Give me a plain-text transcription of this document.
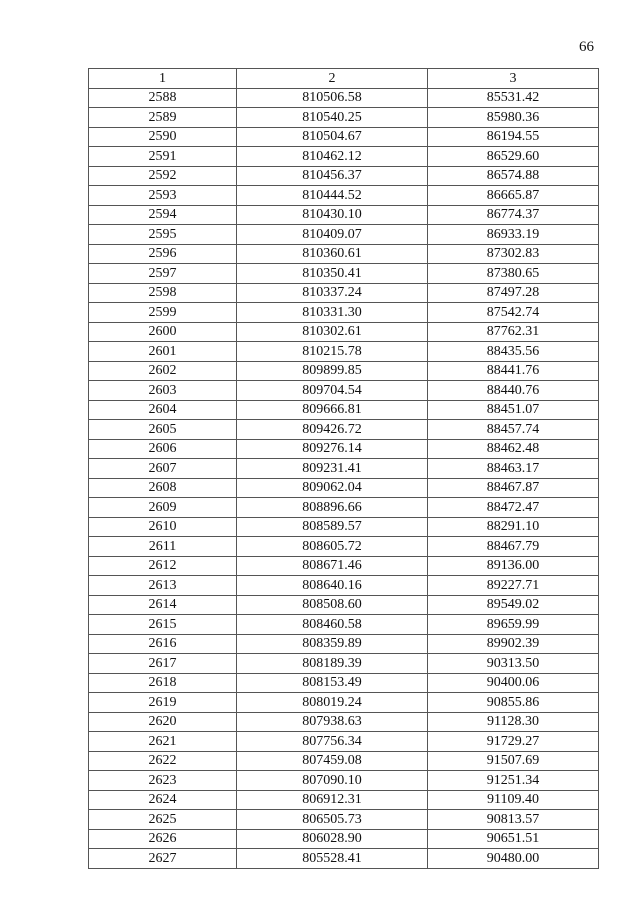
66
1	2	3
2588	810506.58	85531.42
2589	810540.25	85980.36
2590	810504.67	86194.55
2591	810462.12	86529.60
2592	810456.37	86574.88
2593	810444.52	86665.87
2594	810430.10	86774.37
2595	810409.07	86933.19
2596	810360.61	87302.83
2597	810350.41	87380.65
2598	810337.24	87497.28
2599	810331.30	87542.74
2600	810302.61	87762.31
2601	810215.78	88435.56
2602	809899.85	88441.76
2603	809704.54	88440.76
2604	809666.81	88451.07
2605	809426.72	88457.74
2606	809276.14	88462.48
2607	809231.41	88463.17
2608	809062.04	88467.87
2609	808896.66	88472.47
2610	808589.57	88291.10
2611	808605.72	88467.79
2612	808671.46	89136.00
2613	808640.16	89227.71
2614	808508.60	89549.02
2615	808460.58	89659.99
2616	808359.89	89902.39
2617	808189.39	90313.50
2618	808153.49	90400.06
2619	808019.24	90855.86
2620	807938.63	91128.30
2621	807756.34	91729.27
2622	807459.08	91507.69
2623	807090.10	91251.34
2624	806912.31	91109.40
2625	806505.73	90813.57
2626	806028.90	90651.51
2627	805528.41	90480.00
